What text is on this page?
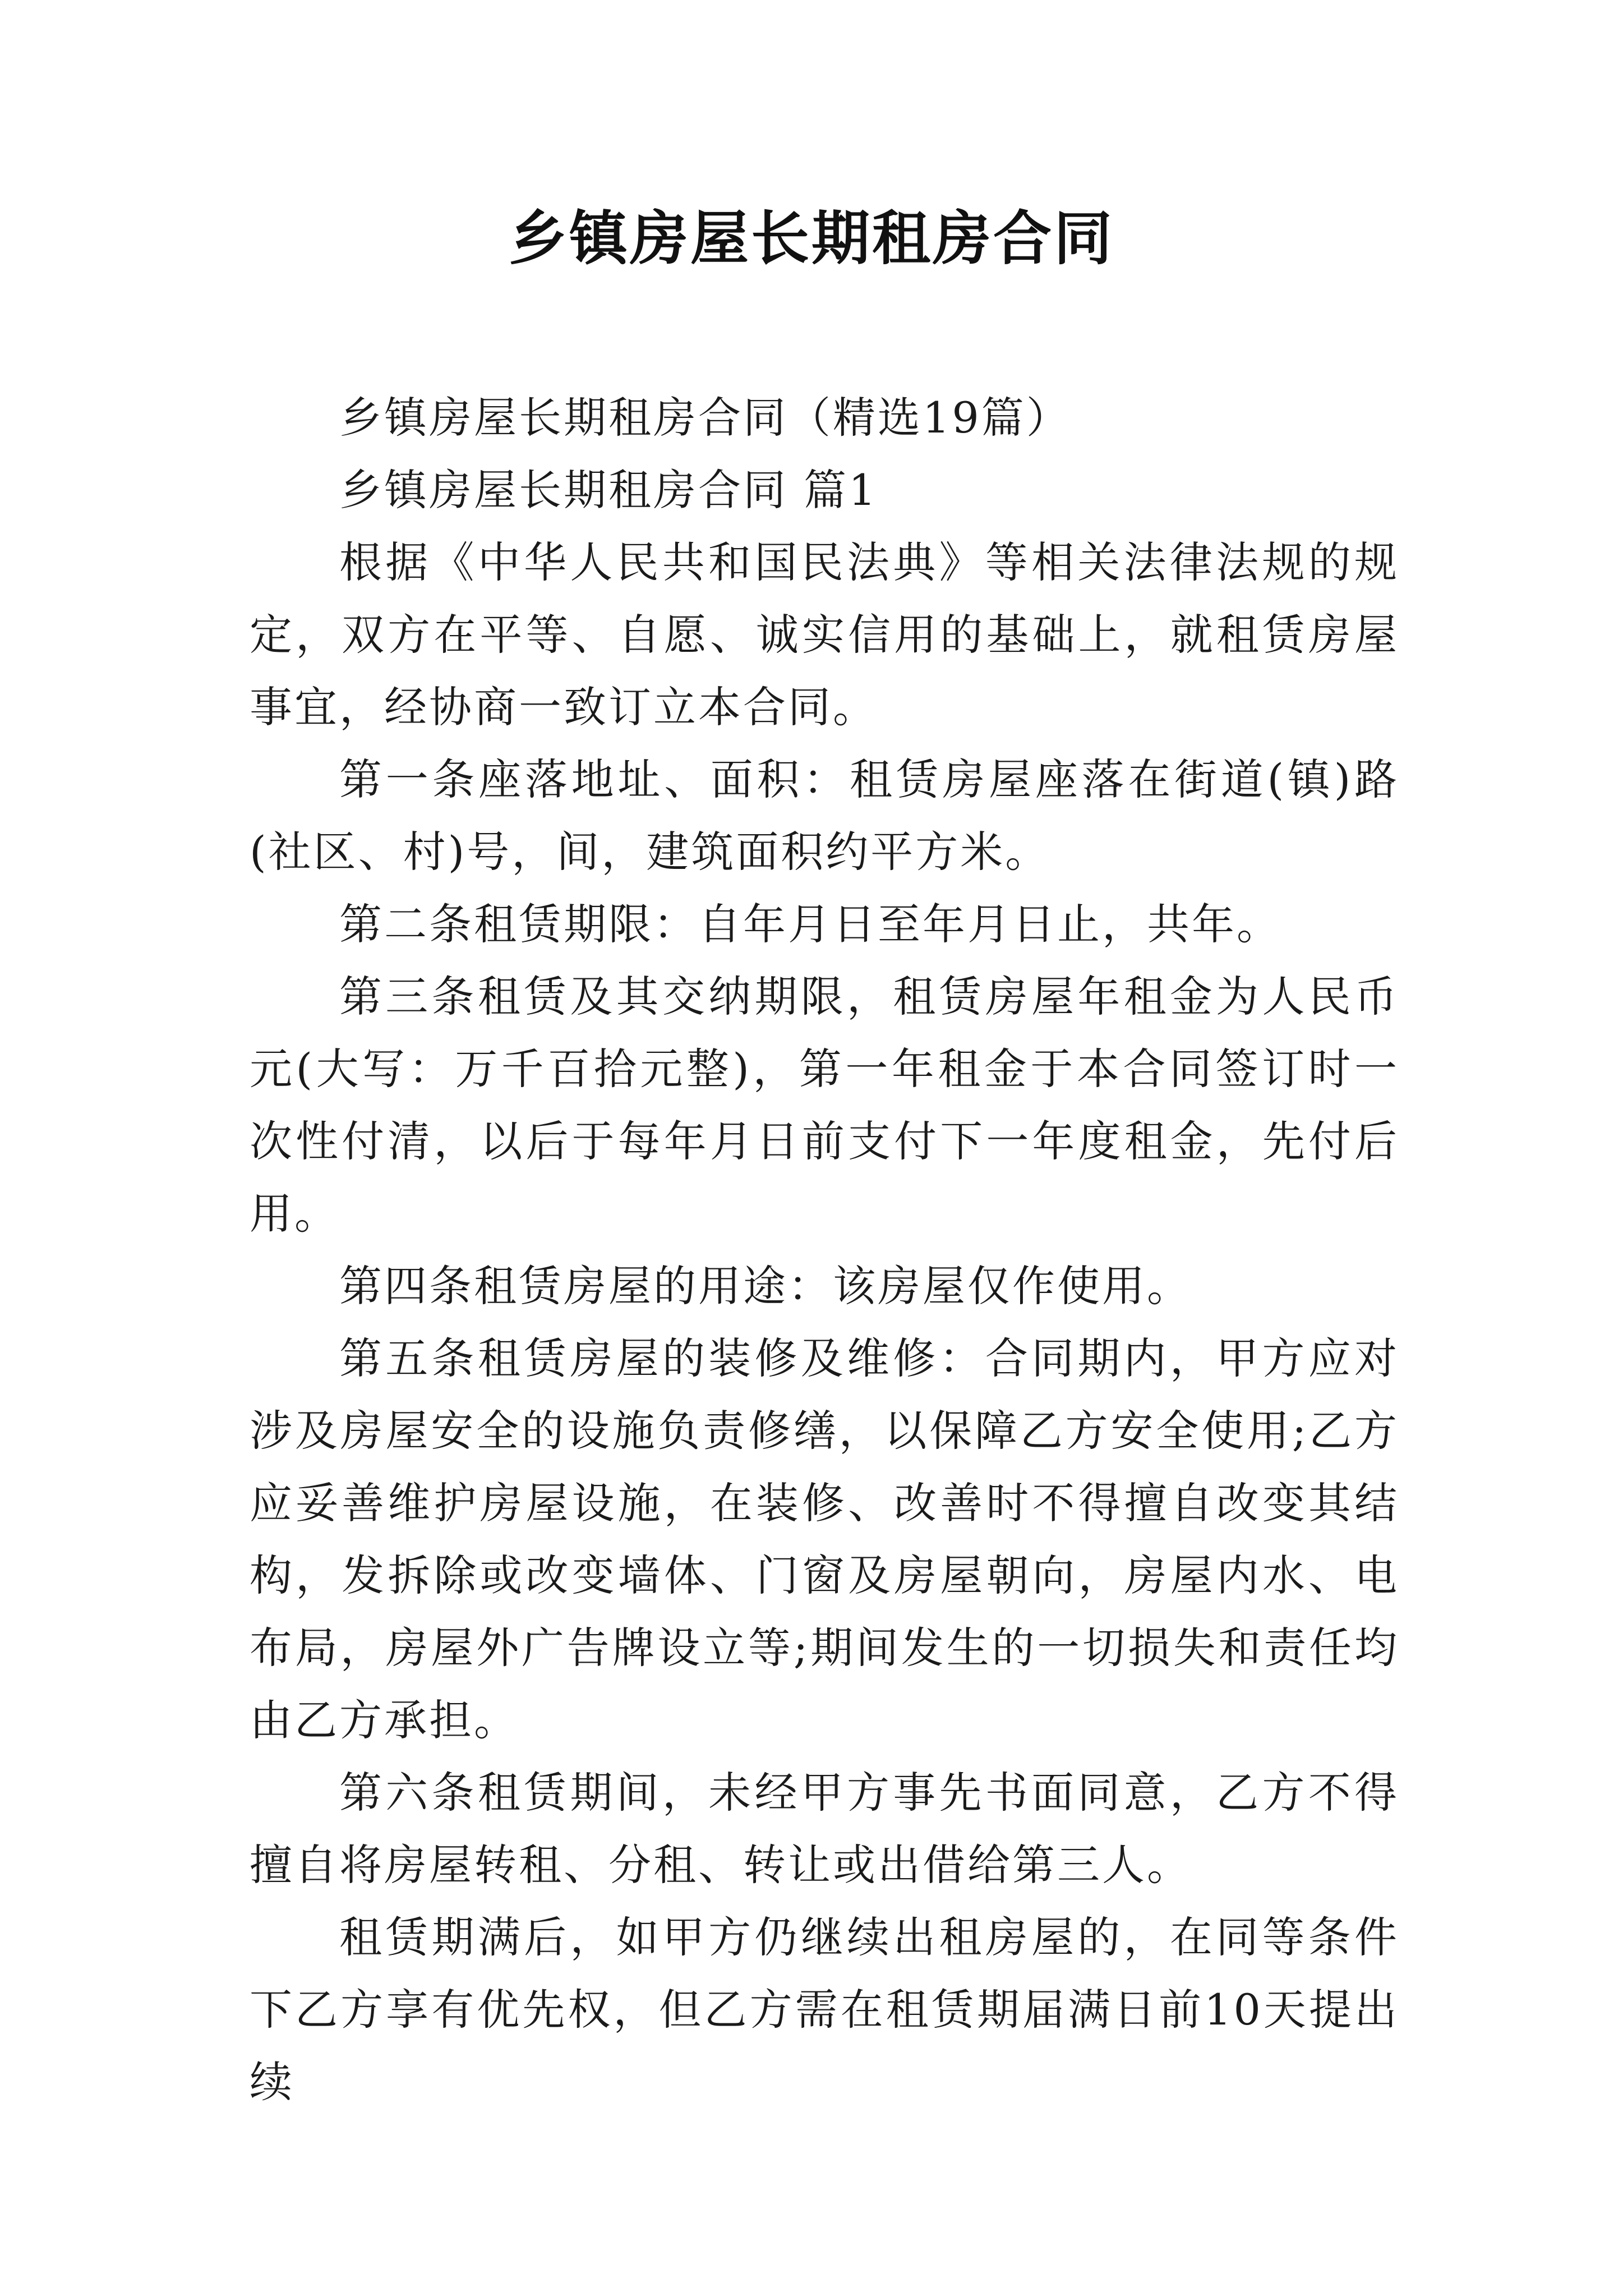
乡镇房屋长期租房合同

乡镇房屋长期租房合同（精选19篇）

乡镇房屋长期租房合同 篇1

根据《中华人民共和国民法典》等相关法律法规的规定，双方在平等、自愿、诚实信用的基础上，就租赁房屋事宜，经协商一致订立本合同。

第一条座落地址、面积：租赁房屋座落在街道(镇)路(社区、村)号，间，建筑面积约平方米。

第二条租赁期限：自年月日至年月日止，共年。

第三条租赁及其交纳期限，租赁房屋年租金为人民币元(大写：万千百拾元整)，第一年租金于本合同签订时一次性付清，以后于每年月日前支付下一年度租金，先付后用。

第四条租赁房屋的用途：该房屋仅作使用。

第五条租赁房屋的装修及维修：合同期内，甲方应对涉及房屋安全的设施负责修缮，以保障乙方安全使用;乙方应妥善维护房屋设施，在装修、改善时不得擅自改变其结构，发拆除或改变墙体、门窗及房屋朝向，房屋内水、电布局，房屋外广告牌设立等;期间发生的一切损失和责任均由乙方承担。

第六条租赁期间，未经甲方事先书面同意，乙方不得擅自将房屋转租、分租、转让或出借给第三人。

租赁期满后，如甲方仍继续出租房屋的，在同等条件下乙方享有优先权，但乙方需在租赁期届满日前10天提出续
